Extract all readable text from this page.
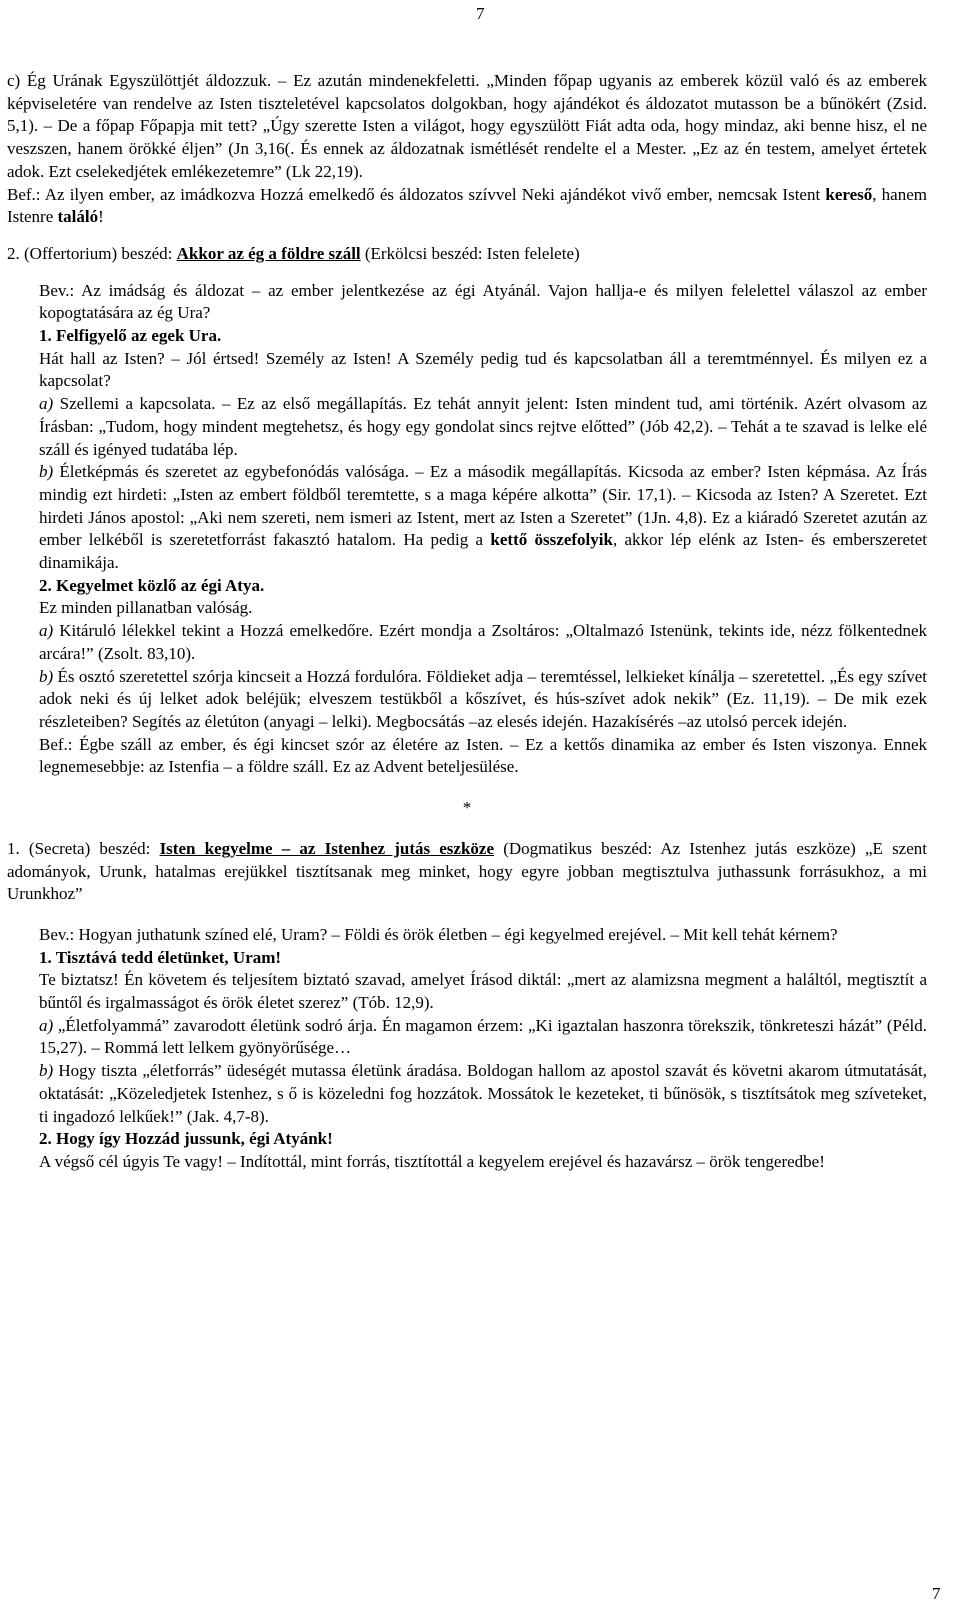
7

c) Ég Urának Egyszülöttjét áldozzuk. – Ez azután mindenekfeletti. „Minden főpap ugyanis az emberek közül való és az emberek képviseletére van rendelve az Isten tiszteletével kapcsolatos dolgokban, hogy ajándékot és áldozatot mutasson be a bűnökért (Zsid. 5,1). – De a főpap Főpapja mit tett? „Úgy szerette Isten a világot, hogy egyszülött Fiát adta oda, hogy mindaz, aki benne hisz, el ne veszszen, hanem örökké éljen” (Jn 3,16(. És ennek az áldozatnak ismétlését rendelte el a Mester. „Ez az én testem, amelyet értetek adok. Ezt cselekedjétek emlékezetemre” (Lk 22,19).

Bef.: Az ilyen ember, az imádkozva Hozzá emelkedő és áldozatos szívvel Neki ajándékot vivő ember, nemcsak Istent kereső, hanem Istenre találó!

2. (Offertorium) beszéd: Akkor az ég a földre száll (Erkölcsi beszéd: Isten felelete)

Bev.: Az imádság és áldozat – az ember jelentkezése az égi Atyánál. Vajon hallja-e és milyen felelettel válaszol az ember kopogtatására az ég Ura?

1. Felfigyelő az egek Ura.

Hát hall az Isten? – Jól értsed! Személy az Isten! A Személy pedig tud és kapcsolatban áll a teremtménnyel. És milyen ez a kapcsolat?

a) Szellemi a kapcsolata. – Ez az első megállapítás. Ez tehát annyit jelent: Isten mindent tud, ami történik. Azért olvasom az Írásban: „Tudom, hogy mindent megtehetsz, és hogy egy gondolat sincs rejtve előtted” (Jób 42,2). – Tehát a te szavad is lelke elé száll és igényed tudatába lép.

b) Életképmás és szeretet az egybefonódás valósága. – Ez a második megállapítás. Kicsoda az ember? Isten képmása. Az Írás mindig ezt hirdeti: „Isten az embert földből teremtette, s a maga képére alkotta” (Sir. 17,1). – Kicsoda az Isten? A Szeretet. Ezt hirdeti János apostol: „Aki nem szereti, nem ismeri az Istent, mert az Isten a Szeretet” (1Jn. 4,8). Ez a kiáradó Szeretet azután az ember lelkéből is szeretetforrást fakasztó hatalom. Ha pedig a kettő összefolyik, akkor lép elénk az Isten- és emberszeretet dinamikája.

2. Kegyelmet közlő az égi Atya.

Ez minden pillanatban valóság.

a) Kitáruló lélekkel tekint a Hozzá emelkedőre. Ezért mondja a Zsoltáros: „Oltalmazó Istenünk, tekints ide, nézz fölkentednek arcára!” (Zsolt. 83,10).

b) És osztó szeretettel szórja kincseit a Hozzá fordulóra. Földieket adja – teremtéssel, lelkieket kínálja – szeretettel. „És egy szívet adok neki és új lelket adok beléjük; elveszem testükből a kőszívet, és hús-szívet adok nekik” (Ez. 11,19). – De mik ezek részleteiben? Segítés az életúton (anyagi – lelki). Megbocsátás –az elesés idején. Hazakísérés –az utolsó percek idején.

Bef.: Égbe száll az ember, és égi kincset szór az életére az Isten. – Ez a kettős dinamika az ember és Isten viszonya. Ennek legnemesebbje: az Istenfia – a földre száll. Ez az Advent beteljesülése.

*

1. (Secreta) beszéd: Isten kegyelme – az Istenhez jutás eszköze (Dogmatikus beszéd: Az Istenhez jutás eszköze) „E szent adományok, Urunk, hatalmas erejükkel tisztítsanak meg minket, hogy egyre jobban megtisztulva juthassunk forrásukhoz, a mi Urunkhoz”

Bev.: Hogyan juthatunk színed elé, Uram? – Földi és örök életben – égi kegyelmed erejével. – Mit kell tehát kérnem?

1. Tisztává tedd életünket, Uram!

Te biztatsz! Én követem és teljesítem biztató szavad, amelyet Írásod diktál: „mert az alamizsna megment a haláltól, megtisztít a bűntől és irgalmasságot és örök életet szerez” (Tób. 12,9).

a) „Életfolyammá” zavarodott életünk sodró árja. Én magamon érzem: „Ki igaztalan haszonra törekszik, tönkreteszi házát” (Péld. 15,27). – Rommá lett lelkem gyönyörűsége…

b) Hogy tiszta „életforrás” üdeségét mutassa életünk áradása. Boldogan hallom az apostol szavát és követni akarom útmutatását, oktatását: „Közeledjetek Istenhez, s ő is közeledni fog hozzátok. Mossátok le kezeteket, ti bűnösök, s tisztítsátok meg szíveteket, ti ingadozó lelkűek!” (Jak. 4,7-8).

2. Hogy így Hozzád jussunk, égi Atyánk!

A végső cél úgyis Te vagy! – Indítottál, mint forrás, tisztítottál a kegyelem erejével és hazavársz – örök tengeredbe!

7
